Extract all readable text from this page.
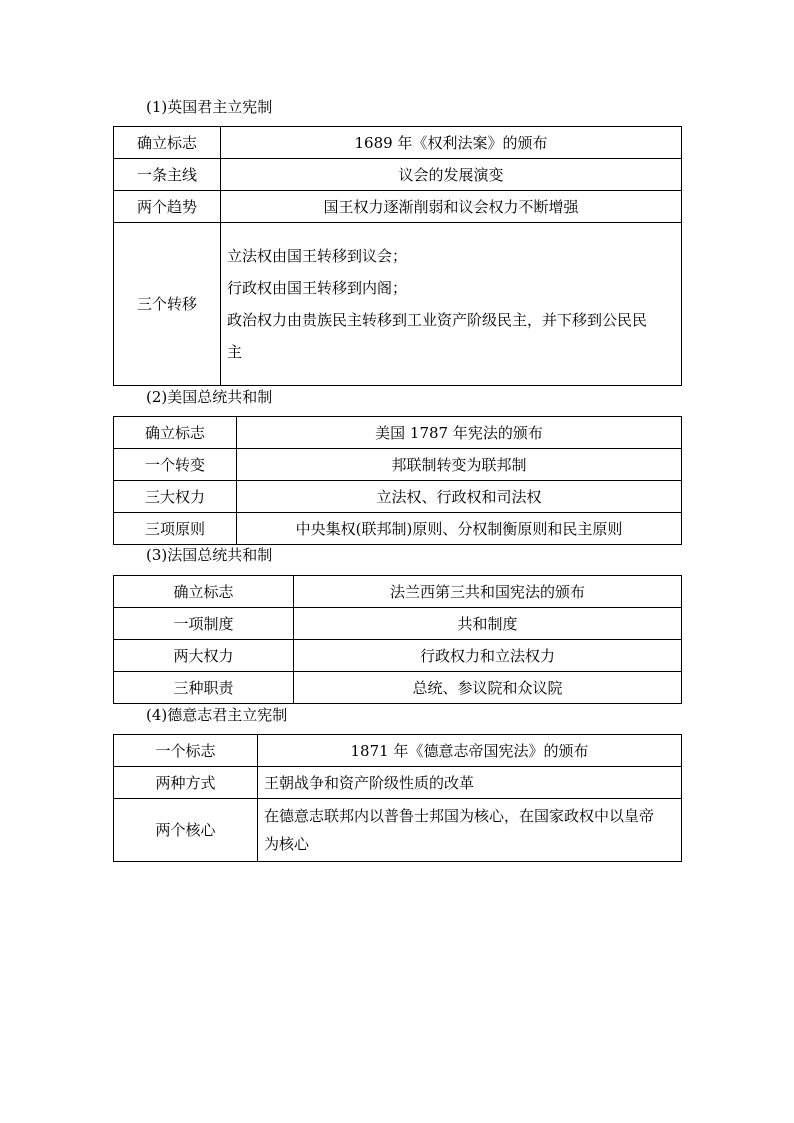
(1)英国君主立宪制
确立标志	1689 年《权利法案》的颁布
一条主线	议会的发展演变
两个趋势	国王权力逐渐削弱和议会权力不断增强
三个转移	立法权由国王转移到议会；
行政权由国王转移到内阁；
政治权力由贵族民主转移到工业资产阶级民主，并下移到公民民
主
(2)美国总统共和制
确立标志	美国 1787 年宪法的颁布
一个转变	邦联制转变为联邦制
三大权力	立法权、行政权和司法权
三项原则	中央集权(联邦制)原则、分权制衡原则和民主原则
(3)法国总统共和制
确立标志	法兰西第三共和国宪法的颁布
一项制度	共和制度
两大权力	行政权力和立法权力
三种职责	总统、参议院和众议院
(4)德意志君主立宪制
一个标志	1871 年《德意志帝国宪法》的颁布
两种方式	王朝战争和资产阶级性质的改革
两个核心	在德意志联邦内以普鲁士邦国为核心，在国家政权中以皇帝
为核心
